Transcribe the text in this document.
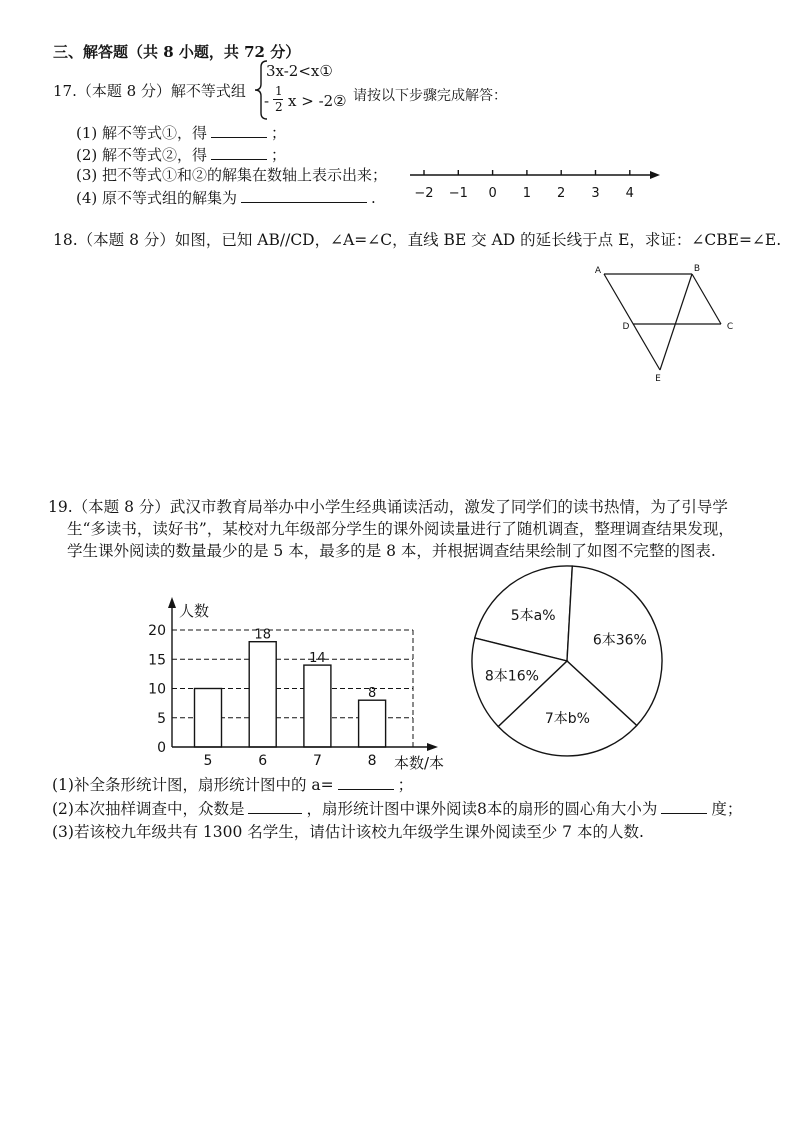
三、解答题（共 8 小题，共 72 分）
17.（本题 8 分）解不等式组
3x-2<x①
-
1
2 x > -2② 请按以下步骤完成解答：
(1) 解不等式①，得	；
(2) 解不等式②，得	；
(3) 把不等式①和②的解集在数轴上表示出来；
(4) 原不等式组的解集为	.	−2 −1 0 1 2 3 4
18.（本题 8 分）如图，已知 AB//CD，∠A=∠C，直线 BE 交 AD 的延长线于点 E，求证：∠CBE=∠E.
A	B
D	C
E
19.（本题 8 分）武汉市教育局举办中小学生经典诵读活动，激发了同学们的读书热情，为了引导学
生“多读书，读好书”，某校对九年级部分学生的课外阅读量进行了随机调查，整理调查结果发现，
学生课外阅读的数量最少的是 5 本，最多的是 8 本，并根据调查结果绘制了如图不完整的图表.
人数
本数/本
0
5
10
15
20
5	6
18
7
14
8
8
5本a%
6本36%
7本b%
8本16%
(1)补全条形统计图，扇形统计图中的 a=	；
(2)本次抽样调查中，众数是	，扇形统计图中课外阅读8本的扇形的圆心角大小为	度；
(3)若该校九年级共有 1300 名学生，请估计该校九年级学生课外阅读至少 7 本的人数.
